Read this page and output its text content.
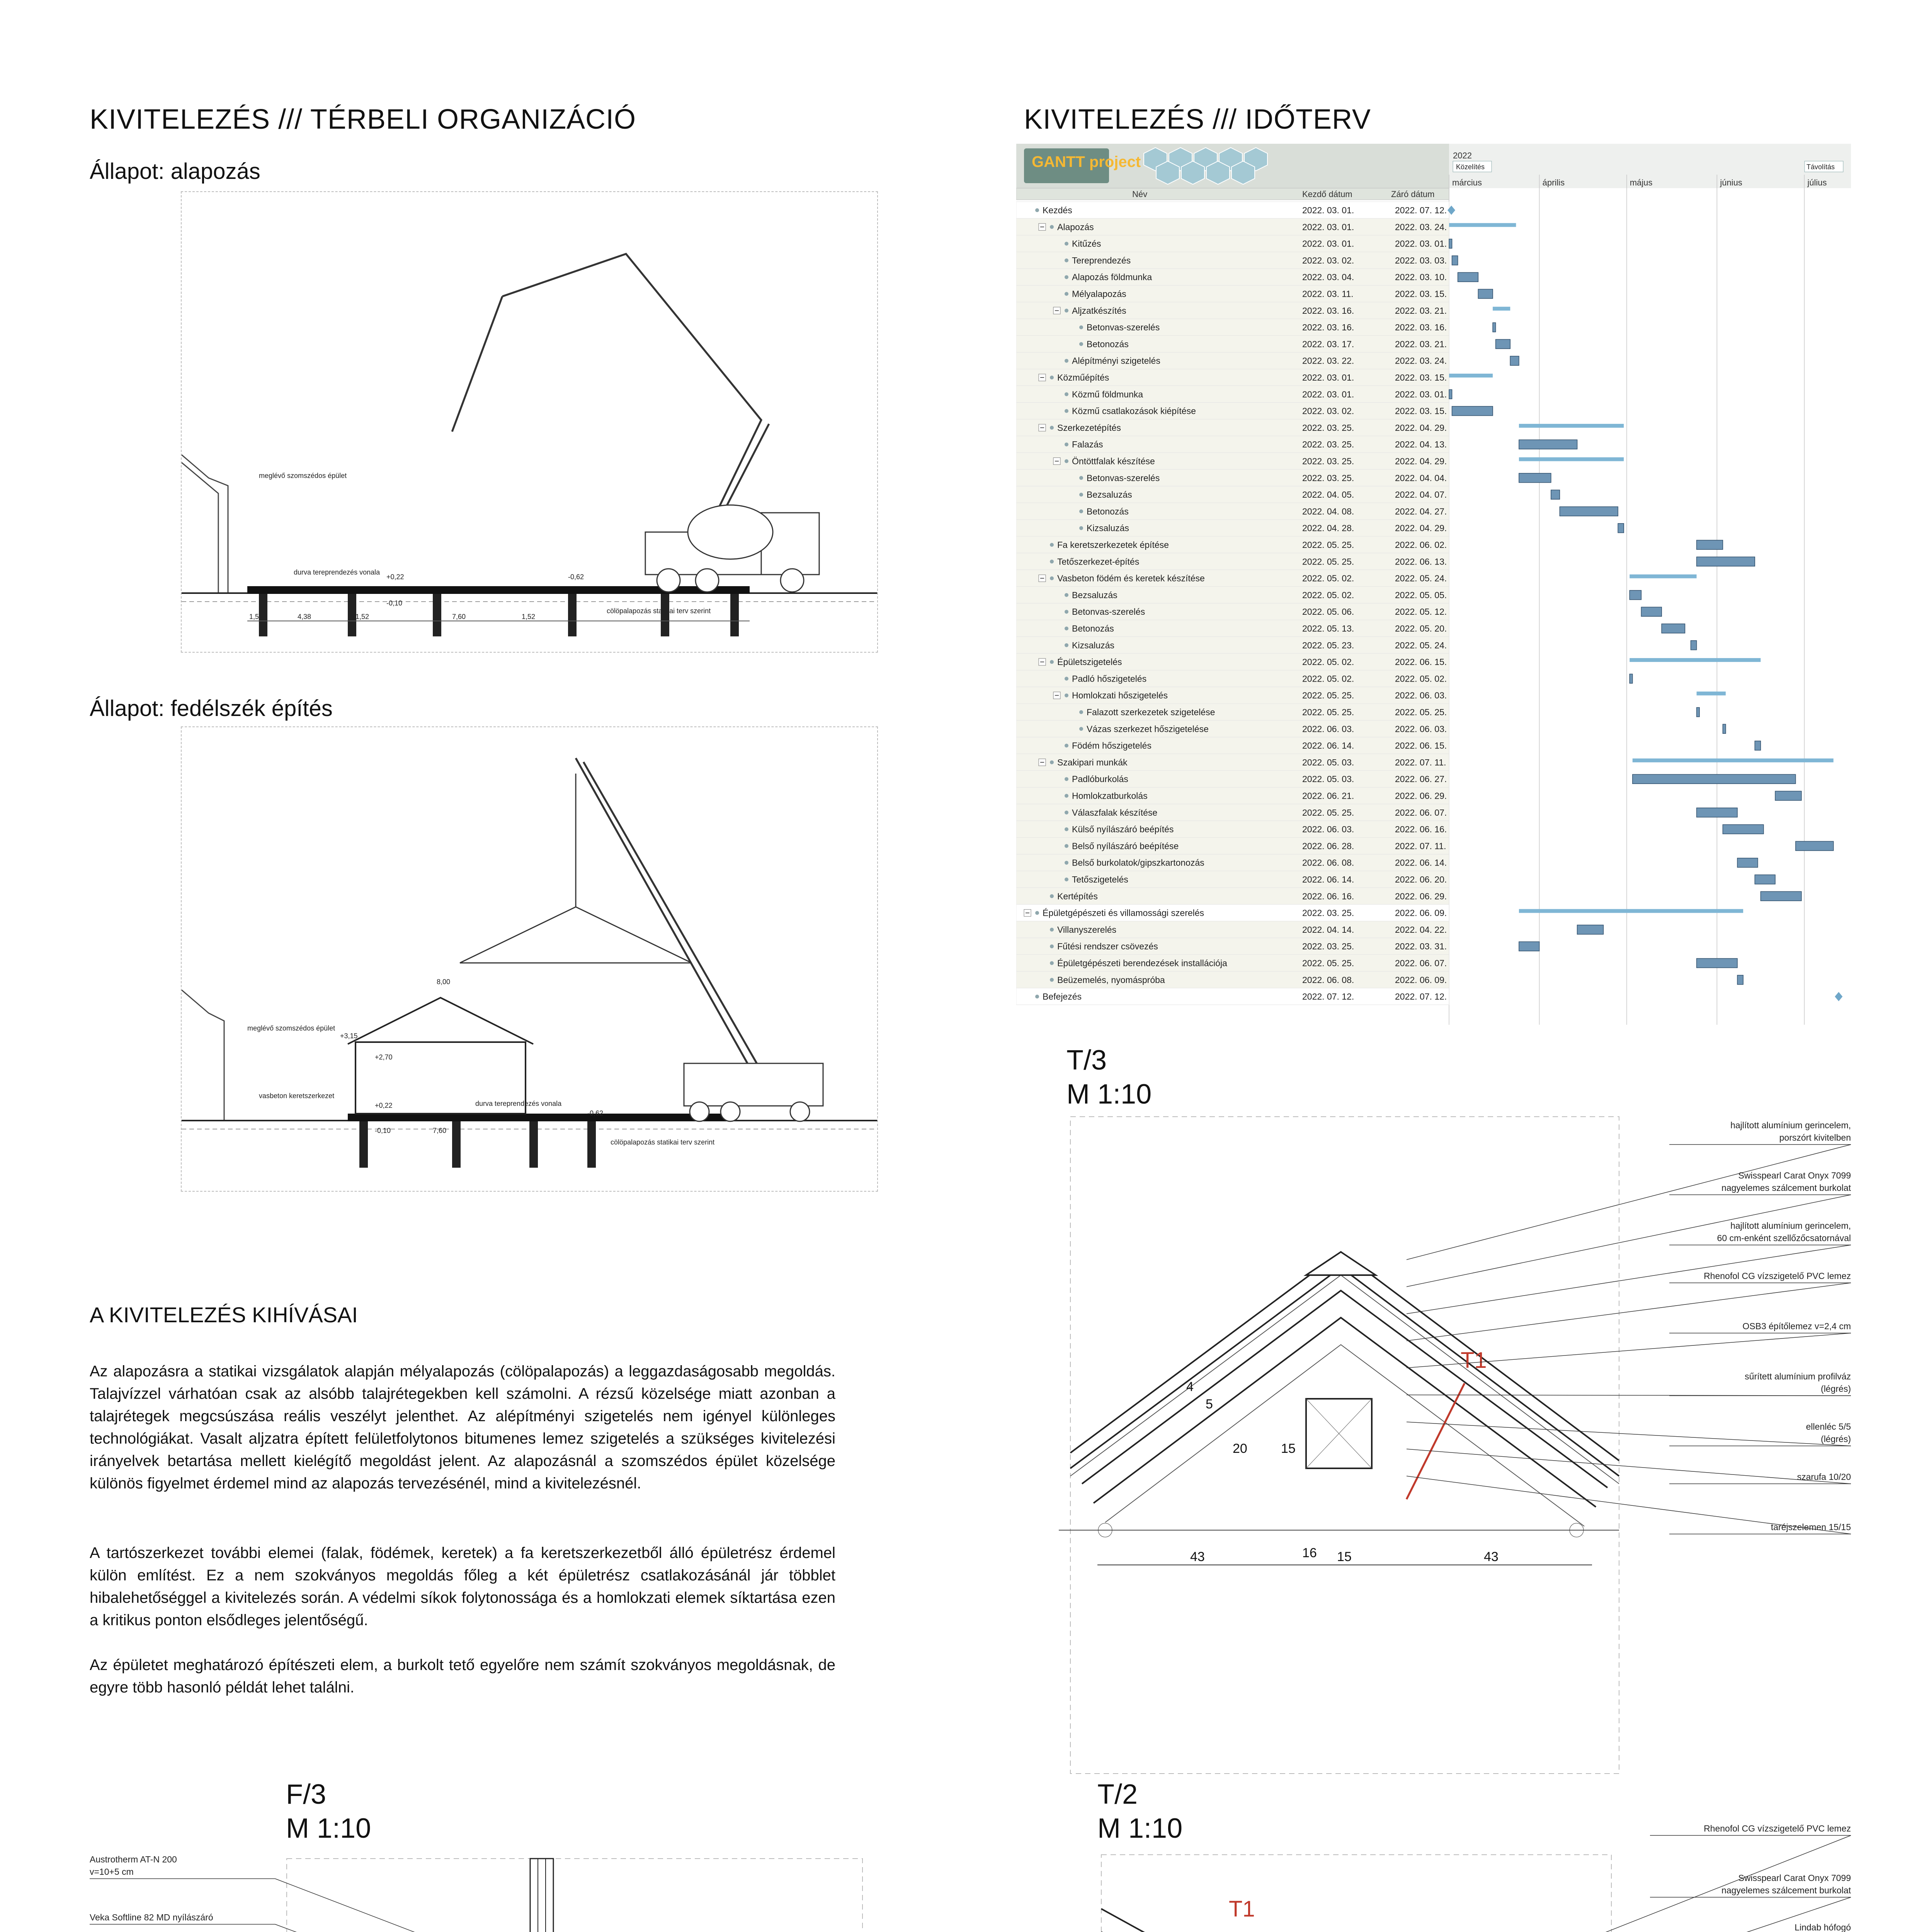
KIVITELEZÉS /// TÉRBELI ORGANIZÁCIÓ
Állapot: alapozás
Állapot: fedélszék építés
KIVITELEZÉS /// IDŐTERV
meglévő szomszédos épület
durva tereprendezés vonala
cölöpalapozás statikai terv szerint
+0,22
-0,10
-0,62
1,52	4,38	1,52	7,60	1,52
meglévő szomszédos épület
vasbeton keretszerkezet
durva tereprendezés vonala
cölöpalapozás statikai terv szerint
8,00
+3,15
+2,70
+0,22
-0,10
-0,62
7,60
A KIVITELEZÉS KIHÍVÁSAI
Az alapozásra a statikai vizsgálatok alapján mélyalapozás (cölöpalapozás) a leggazdaságosabb megoldás. Talajvízzel várhatóan csak az alsóbb talajrétegekben kell számolni. A rézsű közelsége miatt azonban a talajrétegek megcsúszása reális veszélyt jelenthet. Az alépítményi szigetelés nem igényel különleges technológiákat. Vasalt aljzatra épített felületfolytonos bitumenes lemez szigetelés a szükséges kivitelezési irányelvek betartása mellett kielégítő megoldást jelent. Az alapozásnál a szomszédos épület közelsége különös figyelmet érdemel mind az alapozás tervezésénél, mind a kivitelezésnél.
A tartószerkezet további elemei (falak, födémek, keretek) a fa keretszerkezetből álló épületrész érdemel külön említést. Ez a nem szokványos megoldás főleg a két épületrész csatlakozásánál jár többlet hibalehetőséggel a kivitelezés során. A védelmi síkok folytonossága és a homlokzati elemek síktartása ezen a kritikus ponton elsődleges jelentőségű.
Az épületet meghatározó építészeti elem, a burkolt tető egyelőre nem számít szokványos megoldásnak, de egyre több hasonló példát lehet találni.
GANTT project	2022
Közelítés	Távolítás
Név	Kezdő dátum	Záró dátum
március	április	május	június	július
Kezdés	2022. 03. 01.	2022. 07. 12.
Alapozás	2022. 03. 01.	2022. 03. 24.
Kitűzés	2022. 03. 01.	2022. 03. 01.
Tereprendezés	2022. 03. 02.	2022. 03. 03.
Alapozás földmunka	2022. 03. 04.	2022. 03. 10.
Mélyalapozás	2022. 03. 11.	2022. 03. 15.
Aljzatkészítés	2022. 03. 16.	2022. 03. 21.
Betonvas-szerelés	2022. 03. 16.	2022. 03. 16.
Betonozás	2022. 03. 17.	2022. 03. 21.
Alépítményi szigetelés	2022. 03. 22.	2022. 03. 24.
Közműépítés	2022. 03. 01.	2022. 03. 15.
Közmű földmunka	2022. 03. 01.	2022. 03. 01.
Közmű csatlakozások kiépítése	2022. 03. 02.	2022. 03. 15.
Szerkezetépítés	2022. 03. 25.	2022. 04. 29.
Falazás	2022. 03. 25.	2022. 04. 13.
Öntöttfalak készítése	2022. 03. 25.	2022. 04. 29.
Betonvas-szerelés	2022. 03. 25.	2022. 04. 04.
Bezsaluzás	2022. 04. 05.	2022. 04. 07.
Betonozás	2022. 04. 08.	2022. 04. 27.
Kizsaluzás	2022. 04. 28.	2022. 04. 29.
Fa keretszerkezetek építése	2022. 05. 25.	2022. 06. 02.
Tetőszerkezet-építés	2022. 05. 25.	2022. 06. 13.
Vasbeton födém és keretek készítése	2022. 05. 02.	2022. 05. 24.
Bezsaluzás	2022. 05. 02.	2022. 05. 05.
Betonvas-szerelés	2022. 05. 06.	2022. 05. 12.
Betonozás	2022. 05. 13.	2022. 05. 20.
Kizsaluzás	2022. 05. 23.	2022. 05. 24.
Épületszigetelés	2022. 05. 02.	2022. 06. 15.
Padló hőszigetelés	2022. 05. 02.	2022. 05. 02.
Homlokzati hőszigetelés	2022. 05. 25.	2022. 06. 03.
Falazott szerkezetek szigetelése	2022. 05. 25.	2022. 05. 25.
Vázas szerkezet hőszigetelése	2022. 06. 03.	2022. 06. 03.
Födém hőszigetelés	2022. 06. 14.	2022. 06. 15.
Szakipari munkák	2022. 05. 03.	2022. 07. 11.
Padlóburkolás	2022. 05. 03.	2022. 06. 27.
Homlokzatburkolás	2022. 06. 21.	2022. 06. 29.
Válaszfalak készítése	2022. 05. 25.	2022. 06. 07.
Külső nyílászáró beépítés	2022. 06. 03.	2022. 06. 16.
Belső nyílászáró beépítése	2022. 06. 28.	2022. 07. 11.
Belső burkolatok/gipszkartonozás	2022. 06. 08.	2022. 06. 14.
Tetőszigetelés	2022. 06. 14.	2022. 06. 20.
Kertépítés	2022. 06. 16.	2022. 06. 29.
Épületgépészeti és villamossági szerelés	2022. 03. 25.	2022. 06. 09.
Villanyszerelés	2022. 04. 14.	2022. 04. 22.
Fűtési rendszer csövezés	2022. 03. 25.	2022. 03. 31.
Épületgépészeti berendezések installációja	2022. 05. 25.	2022. 06. 07.
Beüzemelés, nyomáspróba	2022. 06. 08.	2022. 06. 09.
Befejezés	2022. 07. 12.	2022. 07. 12.
T/3
M 1:10
43	16 15	43
15
20
5
4
T1
hajlított alumínium gerincelem,
porszórt kivitelben
Swisspearl Carat Onyx 7099
nagyelemes szálcement burkolat
hajlított alumínium gerincelem,
60 cm-enként szellőzőcsatornával
Rhenofol CG vízszigetelő PVC lemez
OSB3 építőlemez v=2,4 cm
sűrített alumínium profilváz
(légrés)
ellenléc 5/5
(légrés)
szarufa 10/20
taréjszelemen 15/15
F/3
M 1:10
Austrotherm AT-N 200
v=10+5 cm
Veka Softline 82 MD nyílászáró
T/2
M 1:10
T1
Rhenofol CG vízszigetelő PVC lemez
Swisspearl Carat Onyx 7099
nagyelemes szálcement burkolat
Lindab hófogó
